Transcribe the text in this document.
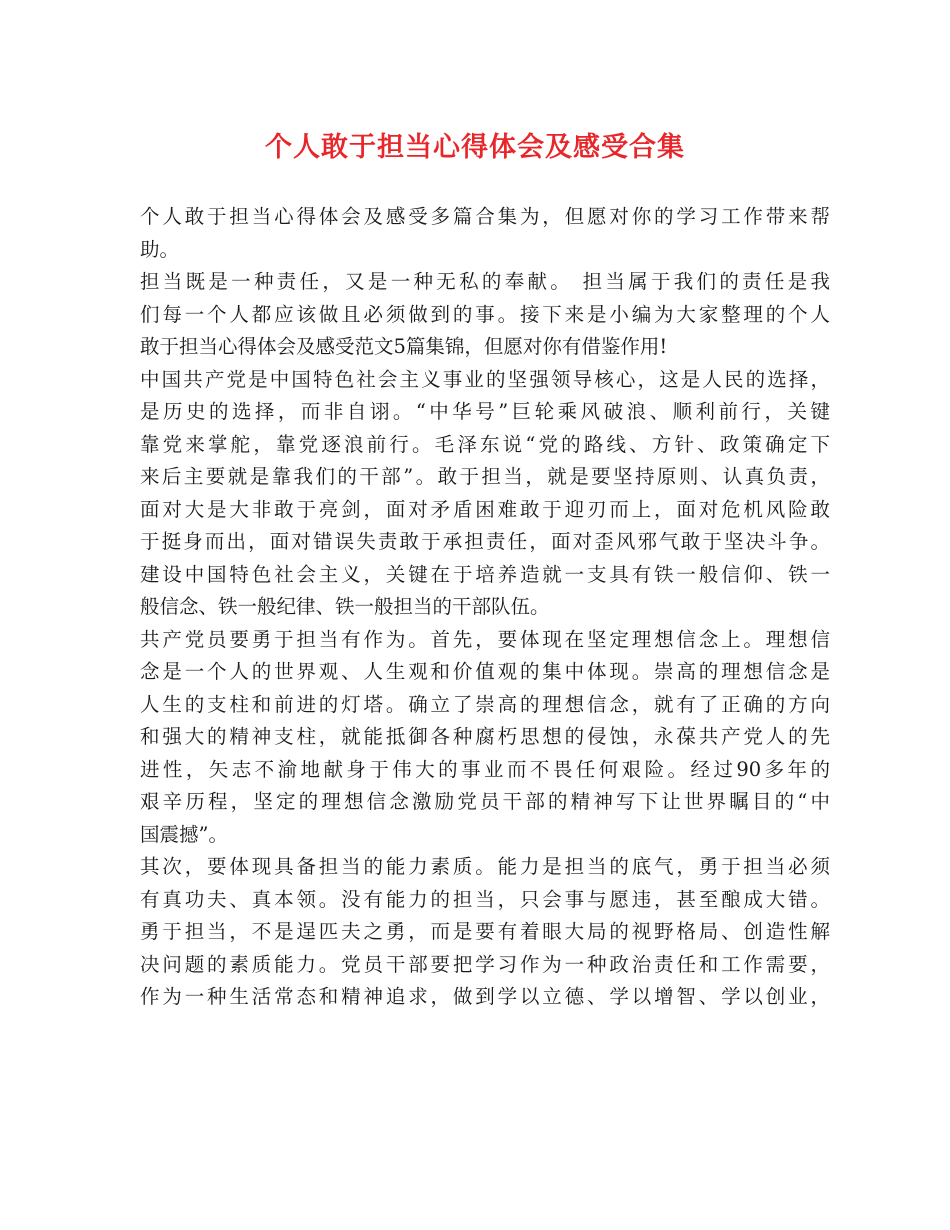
个人敢于担当心得体会及感受合集
个人敢于担当心得体会及感受多篇合集为，但愿对你的学习工作带来帮
助。
担当既是一种责任，又是一种无私的奉献。 担当属于我们的责任是我
们每一个人都应该做且必须做到的事。接下来是小编为大家整理的个人
敢于担当心得体会及感受范文5篇集锦，但愿对你有借鉴作用!
中国共产党是中国特色社会主义事业的坚强领导核心，这是人民的选择，
是历史的选择，而非自诩。“中华号”巨轮乘风破浪、顺利前行，关键
靠党来掌舵，靠党逐浪前行。毛泽东说“党的路线、方针、政策确定下
来后主要就是靠我们的干部”。敢于担当，就是要坚持原则、认真负责，
面对大是大非敢于亮剑，面对矛盾困难敢于迎刃而上，面对危机风险敢
于挺身而出，面对错误失责敢于承担责任，面对歪风邪气敢于坚决斗争。
建设中国特色社会主义，关键在于培养造就一支具有铁一般信仰、铁一
般信念、铁一般纪律、铁一般担当的干部队伍。
共产党员要勇于担当有作为。首先，要体现在坚定理想信念上。理想信
念是一个人的世界观、人生观和价值观的集中体现。崇高的理想信念是
人生的支柱和前进的灯塔。确立了崇高的理想信念，就有了正确的方向
和强大的精神支柱，就能抵御各种腐朽思想的侵蚀，永葆共产党人的先
进性，矢志不渝地献身于伟大的事业而不畏任何艰险。经过90多年的
艰辛历程，坚定的理想信念激励党员干部的精神写下让世界瞩目的“中
国震撼”。
其次，要体现具备担当的能力素质。能力是担当的底气，勇于担当必须
有真功夫、真本领。没有能力的担当，只会事与愿违，甚至酿成大错。
勇于担当，不是逞匹夫之勇，而是要有着眼大局的视野格局、创造性解
决问题的素质能力。党员干部要把学习作为一种政治责任和工作需要，
作为一种生活常态和精神追求，做到学以立德、学以增智、学以创业，
